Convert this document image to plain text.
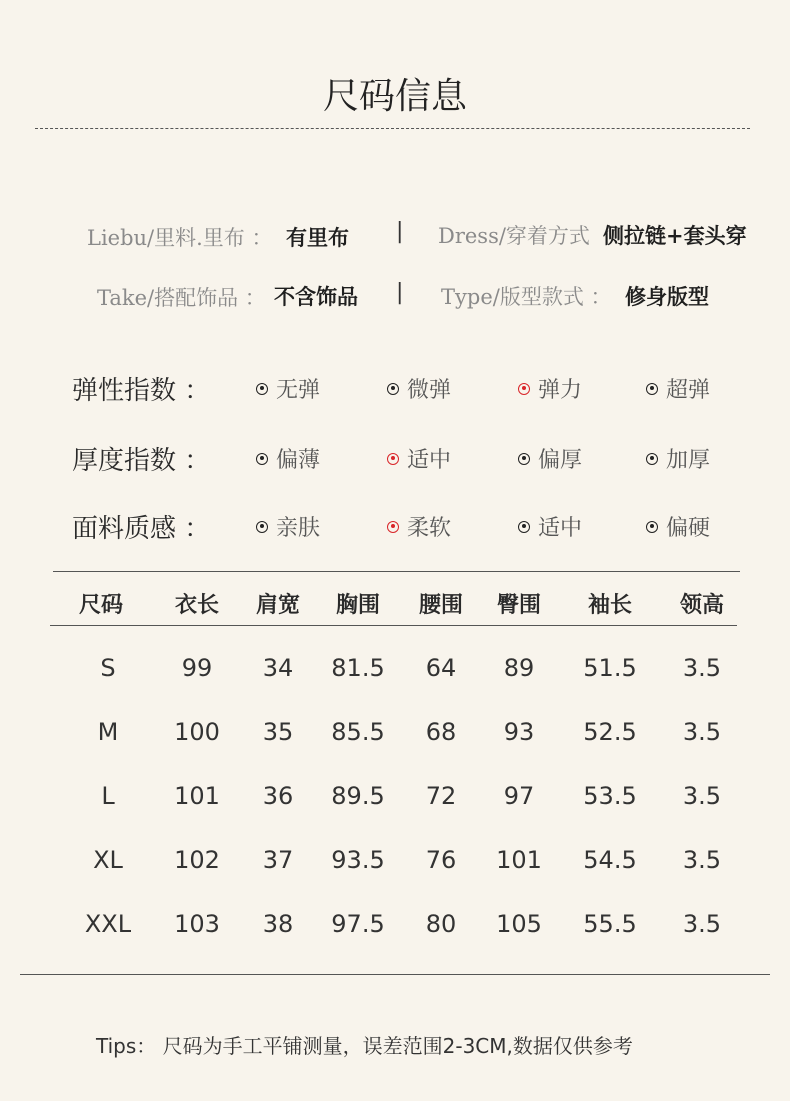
尺码信息
Liebu/里料.里布 ： 有里布 | Dress/穿着方式 侧拉链+套头穿
Take/搭配饰品 ： 不含饰品 | Type/版型款式 ： 修身版型
弹性指数 ：	无弹	微弹	弹力	超弹
厚度指数 ：	偏薄	适中	偏厚	加厚
面料质感 ：	亲肤	柔软	适中	偏硬
尺码	衣长	肩宽	胸围	腰围	臀围	袖长	领高
S	99	34	81.5	64	89	51.5	3.5
M	100	35	85.5	68	93	52.5	3.5
L	101	36	89.5	72	97	53.5	3.5
XL	102	37	93.5	76	101	54.5	3.5
XXL	103	38	97.5	80	105	55.5	3.5
Tips： 尺码为手工平铺测量，误差范围2-3CM,数据仅供参考
